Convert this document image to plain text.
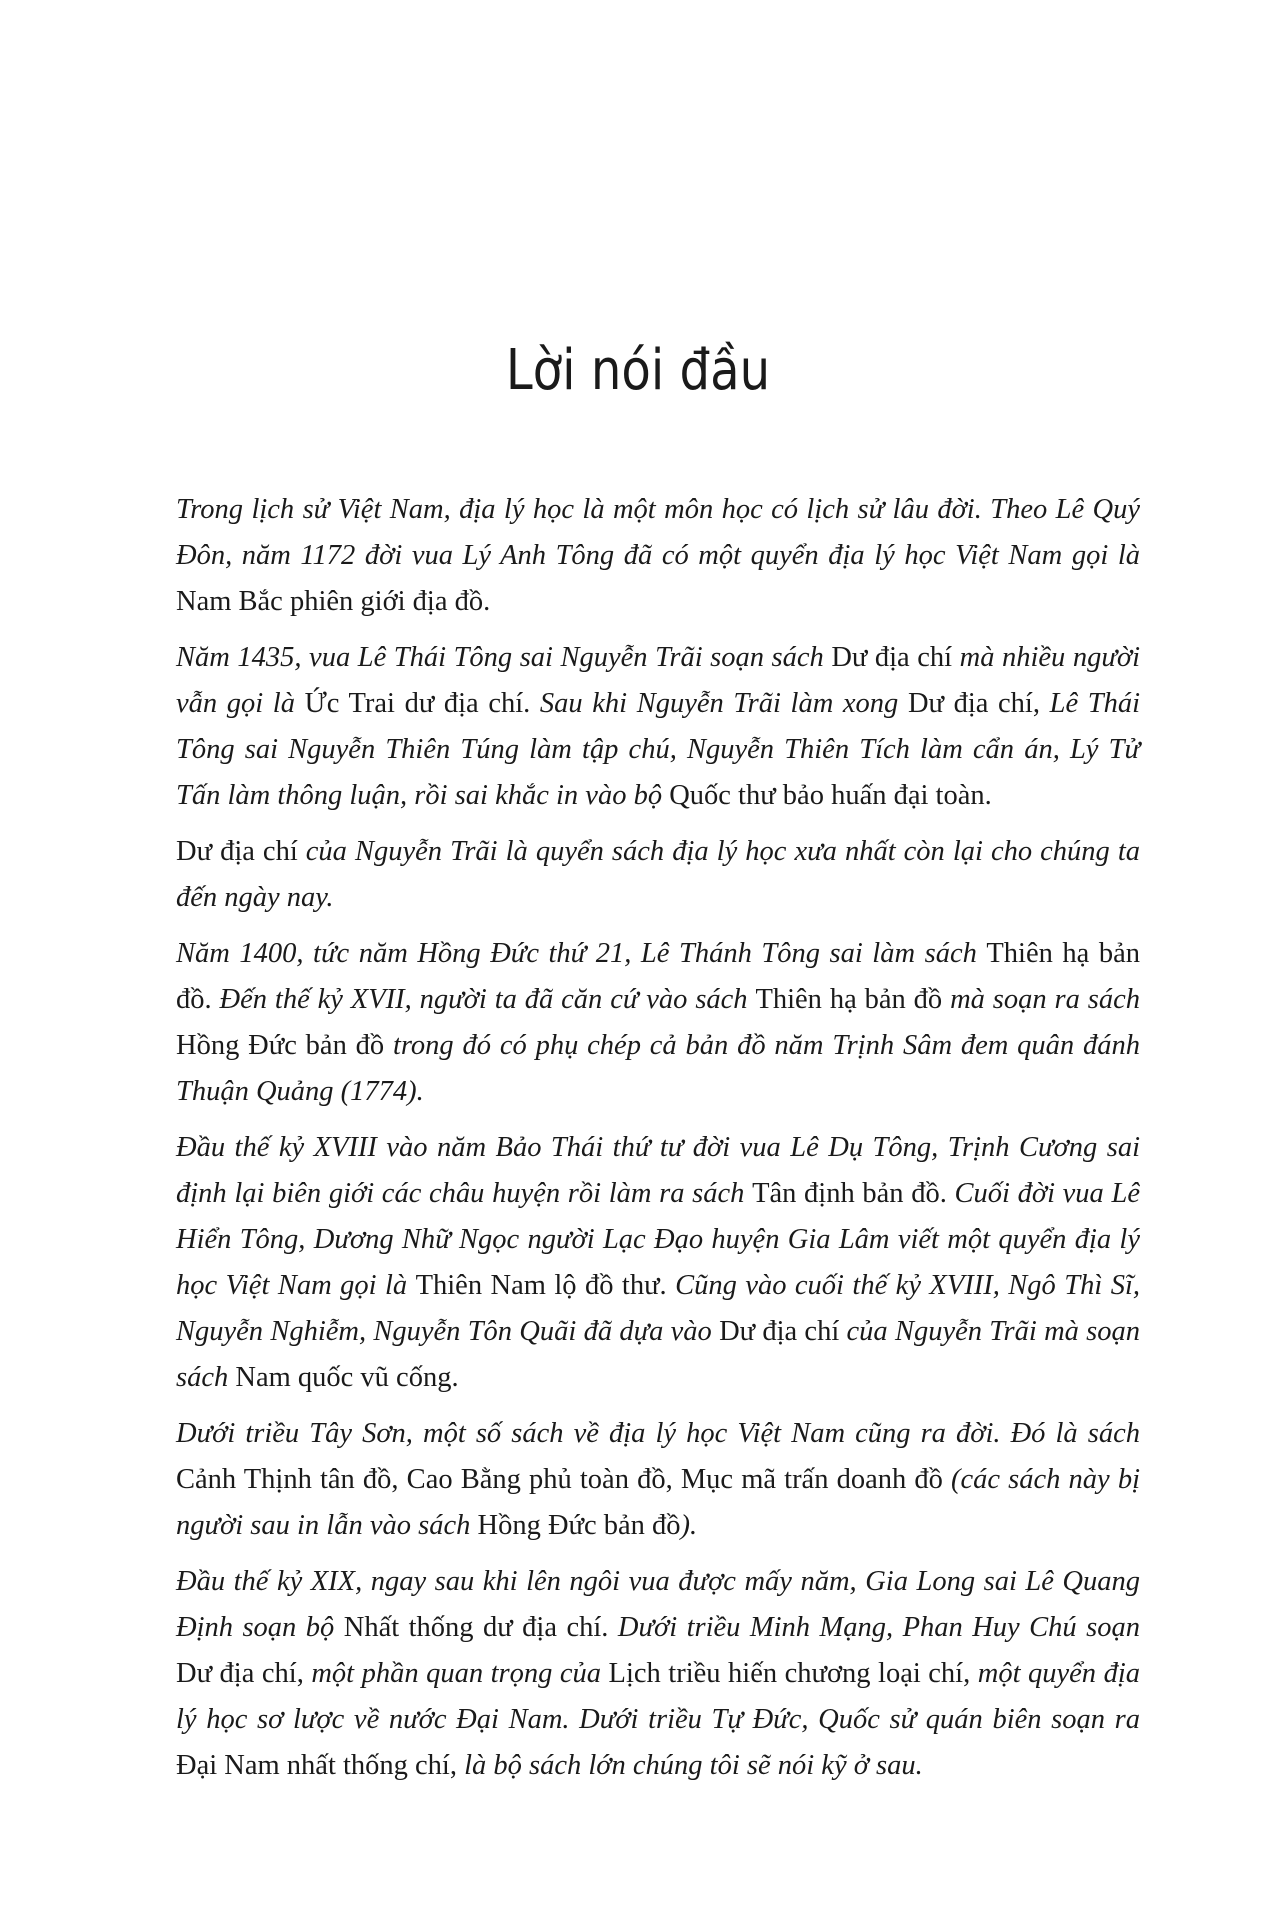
Lời nói đầu

Trong lịch sử Việt Nam, địa lý học là một môn học có lịch sử lâu đời. Theo Lê Quý Đôn, năm 1172 đời vua Lý Anh Tông đã có một quyển địa lý học Việt Nam gọi là Nam Bắc phiên giới địa đồ.

Năm 1435, vua Lê Thái Tông sai Nguyễn Trãi soạn sách Dư địa chí mà nhiều người vẫn gọi là Ức Trai dư địa chí. Sau khi Nguyễn Trãi làm xong Dư địa chí, Lê Thái Tông sai Nguyễn Thiên Túng làm tập chú, Nguyễn Thiên Tích làm cẩn án, Lý Tử Tấn làm thông luận, rồi sai khắc in vào bộ Quốc thư bảo huấn đại toàn.

Dư địa chí của Nguyễn Trãi là quyển sách địa lý học xưa nhất còn lại cho chúng ta đến ngày nay.

Năm 1400, tức năm Hồng Đức thứ 21, Lê Thánh Tông sai làm sách Thiên hạ bản đồ. Đến thế kỷ XVII, người ta đã căn cứ vào sách Thiên hạ bản đồ mà soạn ra sách Hồng Đức bản đồ trong đó có phụ chép cả bản đồ năm Trịnh Sâm đem quân đánh Thuận Quảng (1774).

Đầu thế kỷ XVIII vào năm Bảo Thái thứ tư đời vua Lê Dụ Tông, Trịnh Cương sai định lại biên giới các châu huyện rồi làm ra sách Tân định bản đồ. Cuối đời vua Lê Hiển Tông, Dương Nhữ Ngọc người Lạc Đạo huyện Gia Lâm viết một quyển địa lý học Việt Nam gọi là Thiên Nam lộ đồ thư. Cũng vào cuối thế kỷ XVIII, Ngô Thì Sĩ, Nguyễn Nghiễm, Nguyễn Tôn Quãi đã dựa vào Dư địa chí của Nguyễn Trãi mà soạn sách Nam quốc vũ cống.

Dưới triều Tây Sơn, một số sách về địa lý học Việt Nam cũng ra đời. Đó là sách Cảnh Thịnh tân đồ, Cao Bằng phủ toàn đồ, Mục mã trấn doanh đồ (các sách này bị người sau in lẫn vào sách Hồng Đức bản đồ).

Đầu thế kỷ XIX, ngay sau khi lên ngôi vua được mấy năm, Gia Long sai Lê Quang Định soạn bộ Nhất thống dư địa chí. Dưới triều Minh Mạng, Phan Huy Chú soạn Dư địa chí, một phần quan trọng của Lịch triều hiến chương loại chí, một quyển địa lý học sơ lược về nước Đại Nam. Dưới triều Tự Đức, Quốc sử quán biên soạn ra Đại Nam nhất thống chí, là bộ sách lớn chúng tôi sẽ nói kỹ ở sau.
